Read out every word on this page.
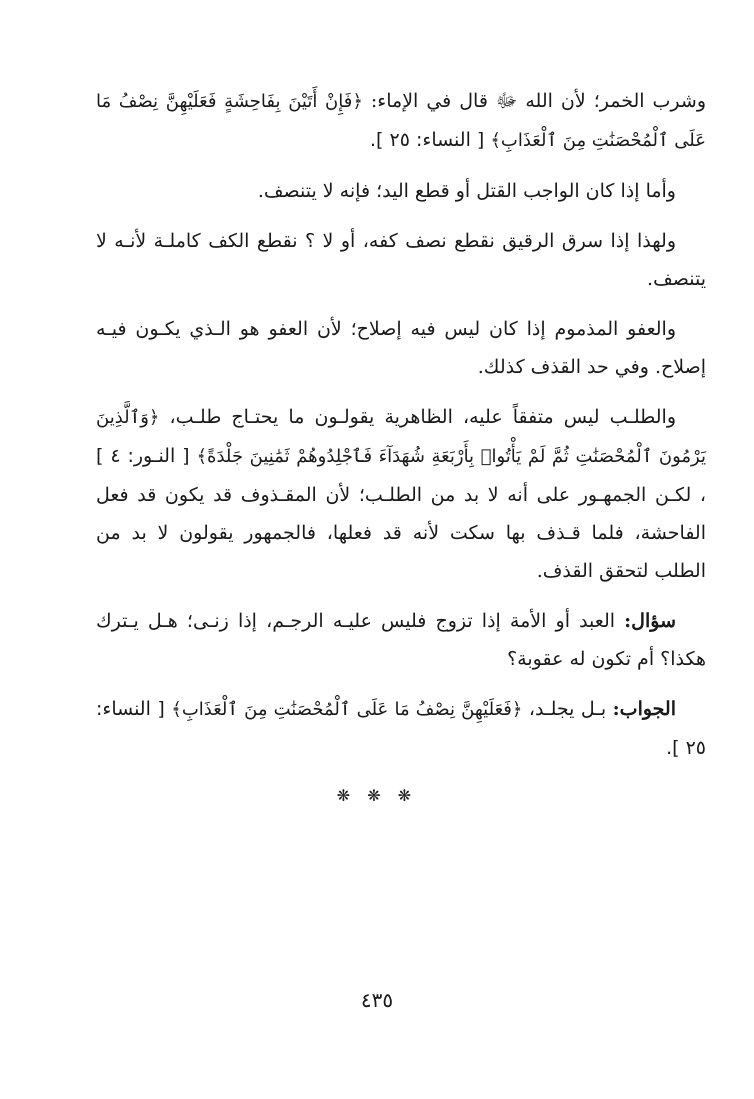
وشرب الخمر؛ لأن الله ﷻ قال في الإماء: ﴿فَإِنْ أَتَيْنَ بِفَاحِشَةٍ فَعَلَيْهِنَّ نِصْفُ مَا عَلَى ٱلْمُحْصَنَٰتِ مِنَ ٱلْعَذَابِ﴾ [ النساء: ٢٥ ].

وأما إذا كان الواجب القتل أو قطع اليد؛ فإنه لا يتنصف.

ولهذا إذا سرق الرقيق نقطع نصف كفه، أو لا ؟ نقطع الكف كاملـة لأنـه لا يتنصف.

والعفو المذموم إذا كان ليس فيه إصلاح؛ لأن العفو هو الـذي يكـون فيـه إصلاح. وفي حد القذف كذلك.

والطلـب ليس متفقاً عليه، الظاهرية يقولـون ما يحتـاج طلـب، ﴿وَٱلَّذِينَ يَرْمُونَ ٱلْمُحْصَنَٰتِ ثُمَّ لَمْ يَأْتُوا۟ بِأَرْبَعَةِ شُهَدَآءَ فَٱجْلِدُوهُمْ ثَمَٰنِينَ جَلْدَةً﴾ [ النـور: ٤ ] ، لكـن الجمهـور على أنه لا بد من الطلـب؛ لأن المقـذوف قد يكون قد فعل الفاحشة، فلما قـذف بها سكت لأنه قد فعلها، فالجمهور يقولون لا بد من الطلب لتحقق القذف.

سؤال: العبد أو الأمة إذا تزوج فليس عليـه الرجـم، إذا زنـى؛ هـل يـترك هكذا؟ أم تكون له عقوبة؟

الجواب: بـل يجلـد، ﴿فَعَلَيْهِنَّ نِصْفُ مَا عَلَى ٱلْمُحْصَنَٰتِ مِنَ ٱلْعَذَابِ﴾ [ النساء: ٢٥ ].

❋ ❋ ❋
٤٣٥
